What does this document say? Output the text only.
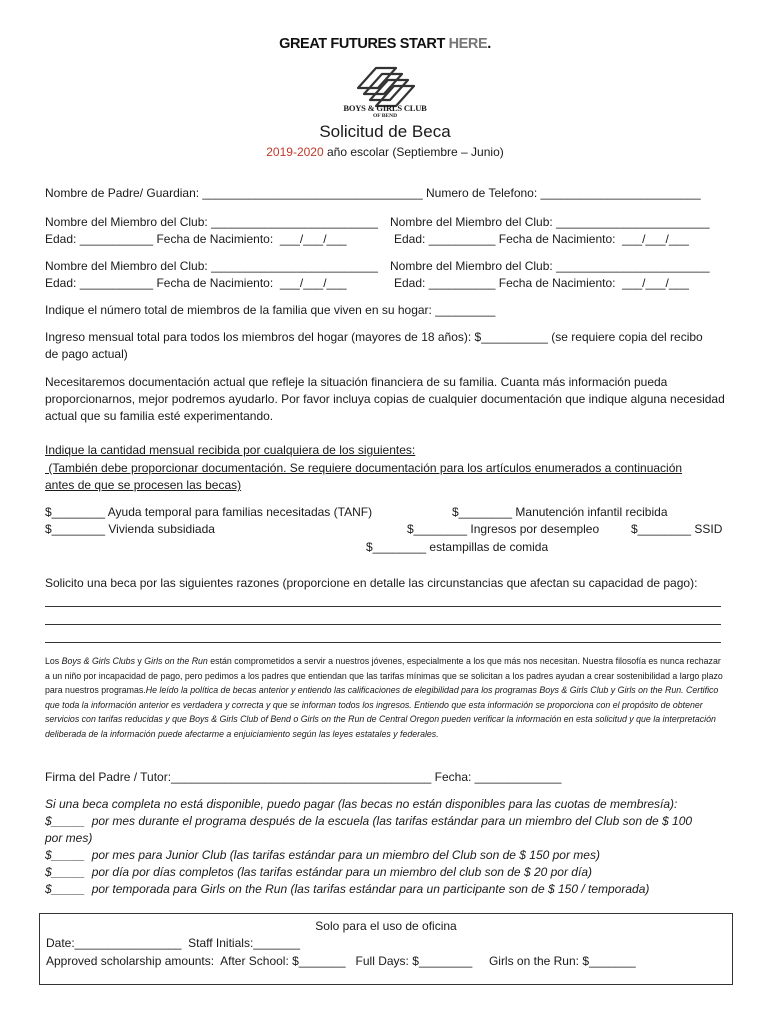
GREAT FUTURES START HERE.
BOYS & GIRLS CLUB
OF BEND
Solicitud de Beca
2019-2020 año escolar (Septiembre – Junio)
Nombre de Padre/ Guardian: _________________________________ Numero de Telefono: ________________________
Nombre del Miembro del Club: _________________________ Nombre del Miembro del Club: _______________________
Edad: ___________ Fecha de Nacimiento:  ___/___/___	Edad: __________ Fecha de Nacimiento:  ___/___/___
Nombre del Miembro del Club: _________________________ Nombre del Miembro del Club: _______________________
Edad: ___________ Fecha de Nacimiento:  ___/___/___	Edad: __________ Fecha de Nacimiento:  ___/___/___
Indique el número total de miembros de la familia que viven en su hogar: _________
Ingreso mensual total para todos los miembros del hogar (mayores de 18 años): $__________ (se requiere copia del recibo
de pago actual)
Necesitaremos documentación actual que refleje la situación financiera de su familia. Cuanta más información pueda proporcionarnos, mejor podremos ayudarlo. Por favor incluya copias de cualquier documentación que indique alguna necesidad actual que su familia esté experimentando.
Indique la cantidad mensual recibida por cualquiera de los siguientes:
(También debe proporcionar documentación. Se requiere documentación para los artículos enumerados a continuación
antes de que se procesen las becas)
$________ Ayuda temporal para familias necesitadas (TANF)	$________ Manutención infantil recibida
$________ Vivienda subsidiada	$________ Ingresos por desempleo	$________ SSID
$________ estampillas de comida
Solicito una beca por las siguientes razones (proporcione en detalle las circunstancias que afectan su capacidad de pago):
Los Boys & Girls Clubs y Girls on the Run están comprometidos a servir a nuestros jóvenes, especialmente a los que más nos necesitan. Nuestra filosofía es nunca rechazar a un niño por incapacidad de pago, pero pedimos a los padres que entiendan que las tarifas mínimas que se solicitan a los padres ayudan a crear sostenibilidad a largo plazo para nuestros programas.He leído la política de becas anterior y entiendo las calificaciones de elegibilidad para los programas Boys & Girls Club y Girls on the Run. Certifico que toda la información anterior es verdadera y correcta y que se informan todos los ingresos. Entiendo que esta información se proporciona con el propósito de obtener servicios con tarifas reducidas y que Boys & Girls Club of Bend o Girls on the Run de Central Oregon pueden verificar la información en esta solicitud y que la interpretación deliberada de la información puede afectarme a enjuiciamiento según las leyes estatales y federales.
Firma del Padre / Tutor:_______________________________________ Fecha: _____________
Si una beca completa no está disponible, puedo pagar (las becas no están disponibles para las cuotas de membresía):
$_____  por mes durante el programa después de la escuela (las tarifas estándar para un miembro del Club son de $ 100
por mes)
$_____  por mes para Junior Club (las tarifas estándar para un miembro del Club son de $ 150 por mes)
$_____  por día por días completos (las tarifas estándar para un miembro del club son de $ 20 por día)
$_____  por temporada para Girls on the Run (las tarifas estándar para un participante son de $ 150 / temporada)
Solo para el uso de oficina
Date:________________  Staff Initials:_______
Approved scholarship amounts:  After School: $_______   Full Days: $________     Girls on the Run: $_______
